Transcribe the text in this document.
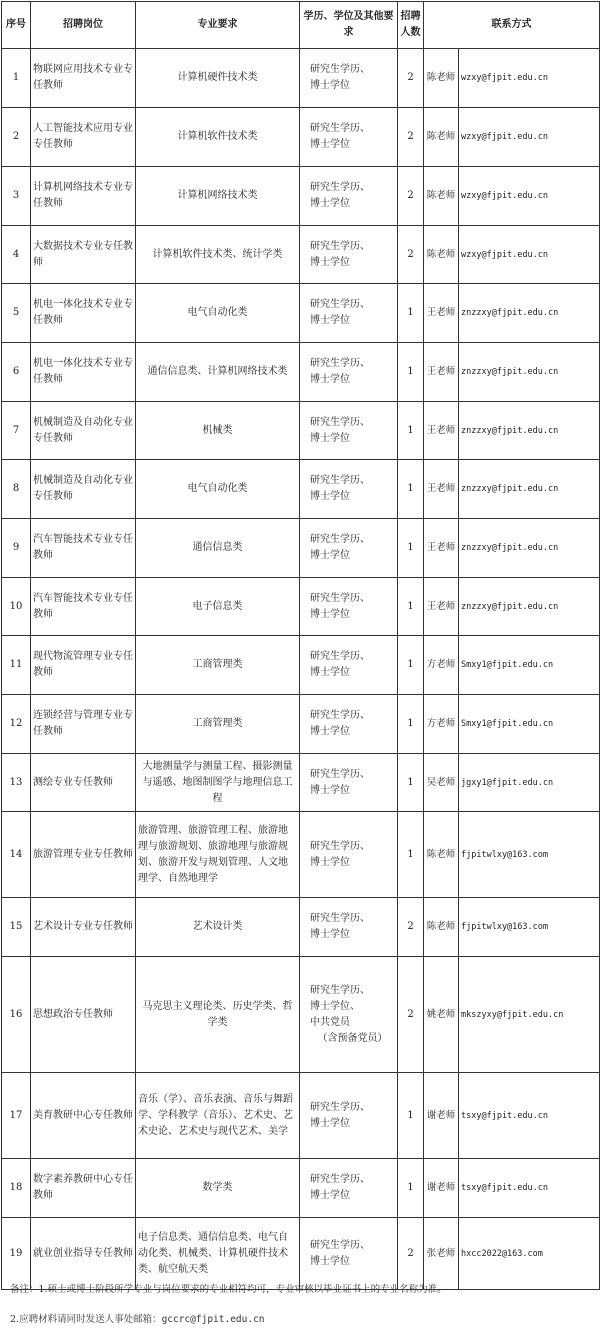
序号	招聘岗位	专业要求	学历、学位及其他要求	招聘人数	联系方式	
1	物联网应用技术专业专任教师	计算机硬件技术类	研究生学历、
博士学位	2	陈老师	wzxy@fjpit.edu.cn
2	人工智能技术应用专业专任教师	计算机软件技术类	研究生学历、
博士学位	2	陈老师	wzxy@fjpit.edu.cn
3	计算机网络技术专业专任教师	计算机网络技术类	研究生学历、
博士学位	2	陈老师	wzxy@fjpit.edu.cn
4	大数据技术专业专任教师	计算机软件技术类、统计学类	研究生学历、
博士学位	2	陈老师	wzxy@fjpit.edu.cn
5	机电一体化技术专业专任教师	电气自动化类	研究生学历、
博士学位	1	王老师	znzzxy@fjpit.edu.cn
6	机电一体化技术专业专任教师	通信信息类、计算机网络技术类	研究生学历、
博士学位	1	王老师	znzzxy@fjpit.edu.cn
7	机械制造及自动化专业专任教师	机械类	研究生学历、
博士学位	1	王老师	znzzxy@fjpit.edu.cn
8	机械制造及自动化专业专任教师	电气自动化类	研究生学历、
博士学位	1	王老师	znzzxy@fjpit.edu.cn
9	汽车智能技术专业专任教师	通信信息类	研究生学历、
博士学位	1	王老师	znzzxy@fjpit.edu.cn
10	汽车智能技术专业专任教师	电子信息类	研究生学历、
博士学位	1	王老师	znzzxy@fjpit.edu.cn
11	现代物流管理专业专任教师	工商管理类	研究生学历、
博士学位	1	方老师	Smxy1@fjpit.edu.cn
12	连锁经营与管理专业专任教师	工商管理类	研究生学历、
博士学位	1	方老师	Smxy1@fjpit.edu.cn
13	测绘专业专任教师	大地测量学与测量工程、摄影测量与遥感、地图制图学与地理信息工程	研究生学历、
博士学位	1	吴老师	jgxy1@fjpit.edu.cn
14	旅游管理专业专任教师	旅游管理、旅游管理工程、旅游地理与旅游规划、旅游地理与旅游规划、旅游开发与规划管理、人文地理学、自然地理学	研究生学历、
博士学位	1	陈老师	fjpitwlxy@163.com
15	艺术设计专业专任教师	艺术设计类	研究生学历、
博士学位	2	陈老师	fjpitwlxy@163.com
16	思想政治专任教师	马克思主义理论类、历史学类、哲学类	研究生学历、
博士学位、
中共党员
（含预备党员）	2	姚老师	mkszyxy@fjpit.edu.cn
17	美育教研中心专任教师	音乐（学）、音乐表演、音乐与舞蹈学、学科教学（音乐）、艺术史、艺术史论、艺术史与现代艺术、美学	研究生学历、
博士学位	1	谢老师	tsxy@fjpit.edu.cn
18	数字素养教研中心专任教师	数学类	研究生学历、
博士学位	1	谢老师	tsxy@fjpit.edu.cn
19	就业创业指导专任教师	电子信息类、通信信息类、电气自动化类、机械类、计算机硬件技术类、航空航天类	研究生学历、
博士学位	2	张老师	hxcc2022@163.com
备注：1.硕士或博士阶段所学专业与岗位要求的专业相符均可，专业审核以毕业证书上的专业名称为准。
2.应聘材料请同时发送人事处邮箱：gccrc@fjpit.edu.cn
